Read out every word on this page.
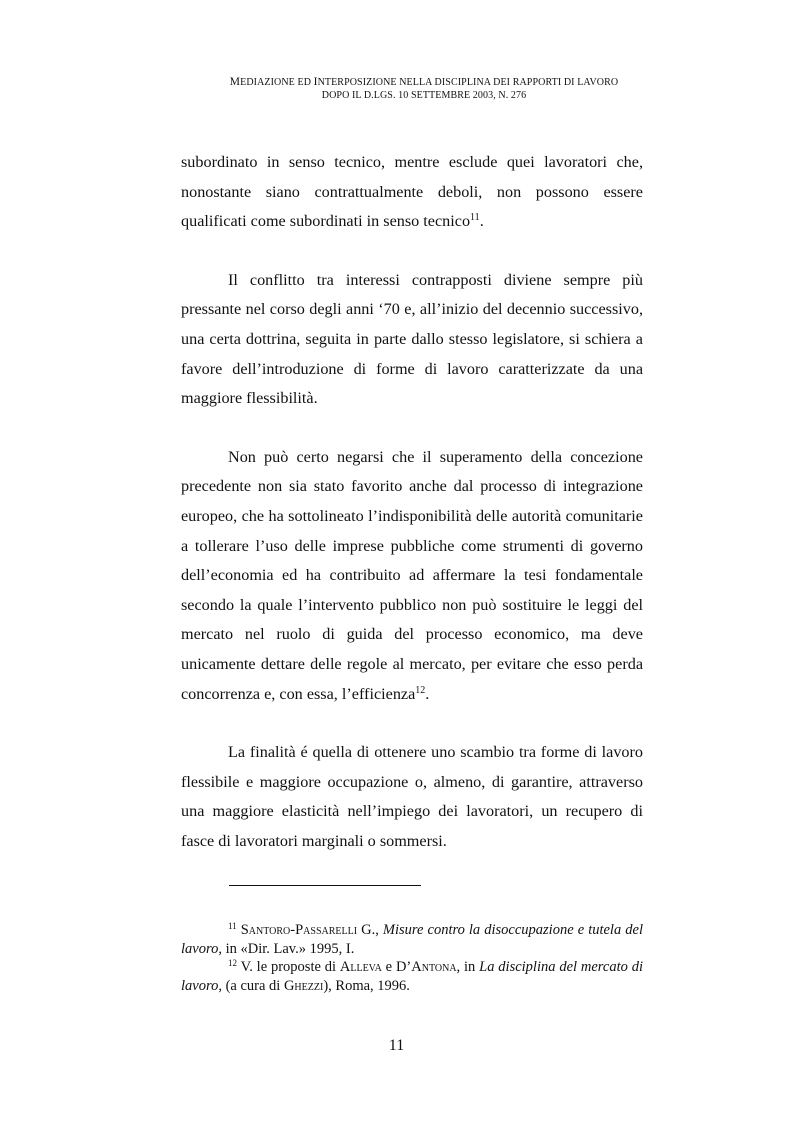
MEDIAZIONE ED INTERPOSIZIONE NELLA DISCIPLINA DEI RAPPORTI DI LAVORO
DOPO IL D.LGS. 10 SETTEMBRE 2003, N. 276

subordinato in senso tecnico, mentre esclude quei lavoratori che, nonostante siano contrattualmente deboli, non possono essere qualificati come subordinati in senso tecnico$^{11}$.

Il conflitto tra interessi contrapposti diviene sempre più pressante nel corso degli anni ‘70 e, all’inizio del decennio successivo, una certa dottrina, seguita in parte dallo stesso legislatore, si schiera a favore dell’introduzione di forme di lavoro caratterizzate da una maggiore flessibilità.

Non può certo negarsi che il superamento della concezione precedente non sia stato favorito anche dal processo di integrazione europeo, che ha sottolineato l’indisponibilità delle autorità comunitarie a tollerare l’uso delle imprese pubbliche come strumenti di governo dell’economia ed ha contribuito ad affermare la tesi fondamentale secondo la quale l’intervento pubblico non può sostituire le leggi del mercato nel ruolo di guida del processo economico, ma deve unicamente dettare delle regole al mercato, per evitare che esso perda concorrenza e, con essa, l’efficienza$^{12}$.

La finalità é quella di ottenere uno scambio tra forme di lavoro flessibile e maggiore occupazione o, almeno, di garantire, attraverso una maggiore elasticità nell’impiego dei lavoratori, un recupero di fasce di lavoratori marginali o sommersi.

$^{11}$ Santoro-Passarelli G., Misure contro la disoccupazione e tutela del lavoro, in «Dir. Lav.» 1995, I.

$^{12}$ V. le proposte di Alleva e D’Antona, in La disciplina del mercato di lavoro, (a cura di Ghezzi), Roma, 1996.

11
